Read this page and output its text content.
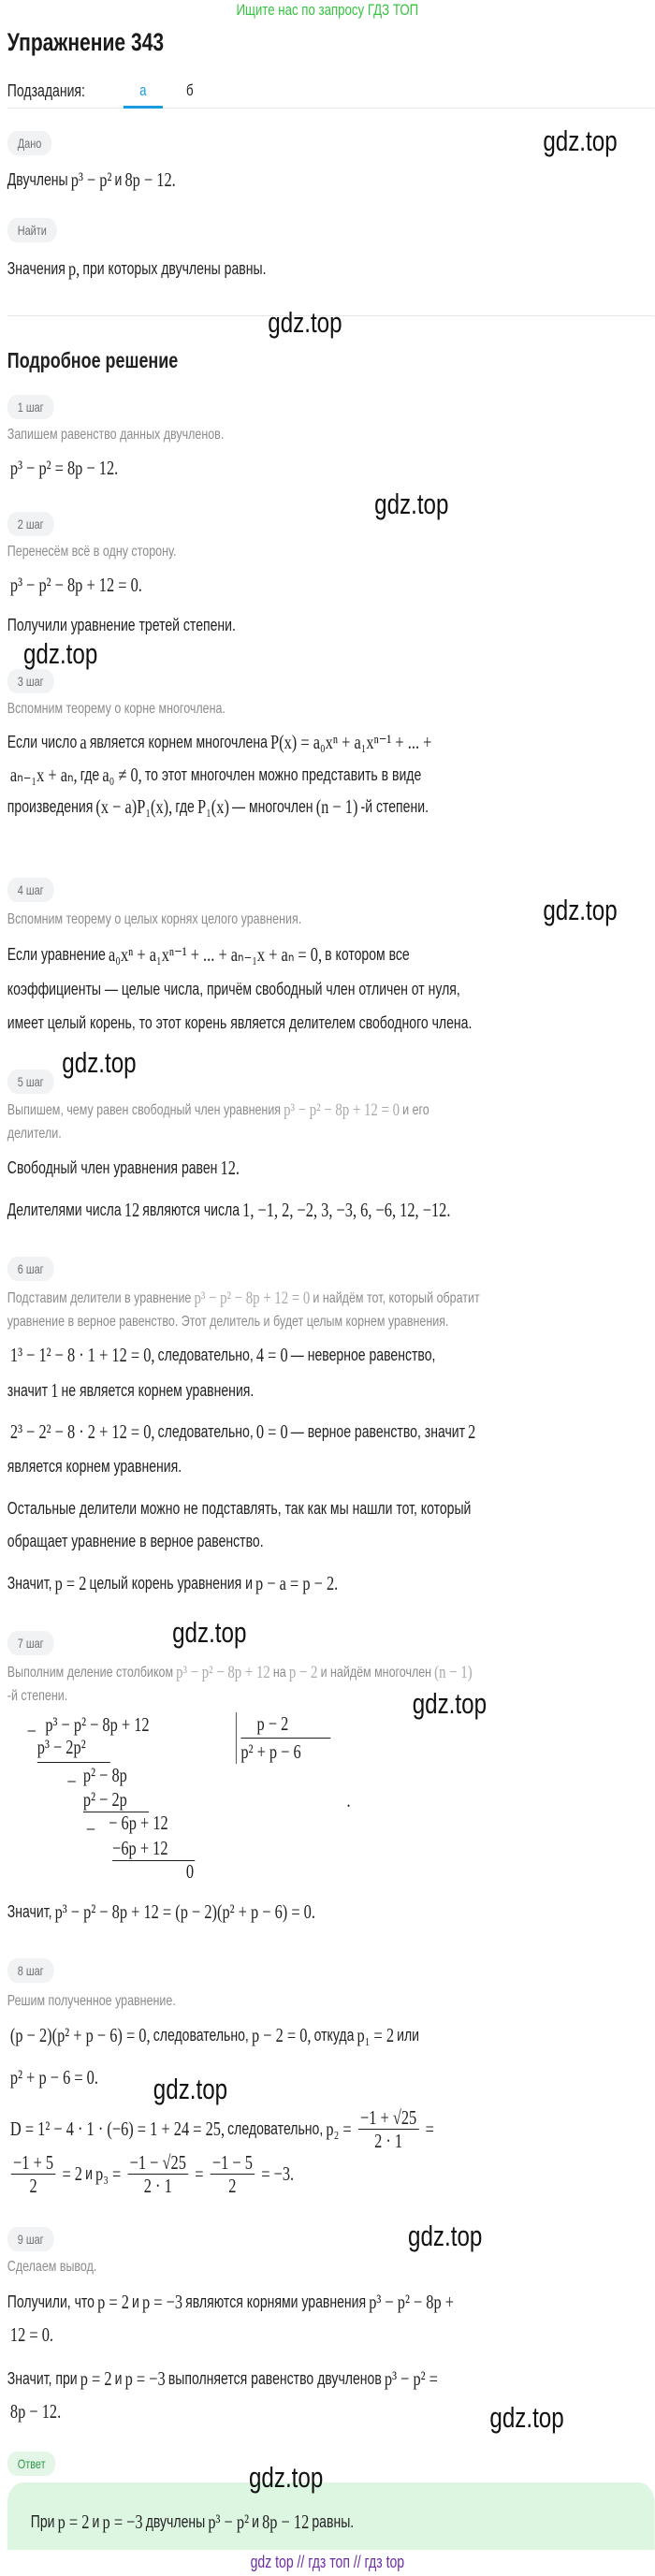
Ищите нас по запросу ГДЗ ТОП
Упражнение 343
Подзадания:	а	б
Дано
Двучлены p³ − p² и 8p − 12.
Найти
Значения p, при которых двучлены равны.
Подробное решение
1 шаг
Запишем равенство данных двучленов.
p³ − p² = 8p − 12.
2 шаг
Перенесём всё в одну сторону.
p³ − p² − 8p + 12 = 0.
Получили уравнение третей степени.
3 шаг
Вспомним теорему о корне многочлена.
Если число a является корнем многочлена P(x) = a₀xⁿ + a₁xⁿ⁻¹ + ... +
aₙ₋₁x + aₙ, где a₀ ≠ 0, то этот многочлен можно представить в виде
произведения (x − a)P₁(x), где P₁(x) — многочлен (n − 1) -й степени.
4 шаг
Вспомним теорему о целых корнях целого уравнения.
Если уравнение a₀xⁿ + a₁xⁿ⁻¹ + ... + aₙ₋₁x + aₙ = 0, в котором все
коэффициенты — целые числа, причём свободный член отличен от нуля,
имеет целый корень, то этот корень является делителем свободного члена.
5 шаг
Выпишем, чему равен свободный член уравнения p³ − p² − 8p + 12 = 0 и его
делители.
Свободный член уравнения равен 12.
Делителями числа 12 являются числа 1, −1, 2, −2, 3, −3, 6, −6, 12, −12.
6 шаг
Подставим делители в уравнение p³ − p² − 8p + 12 = 0 и найдём тот, который обратит
уравнение в верное равенство. Этот делитель и будет целым корнем уравнения.
1³ − 1² − 8 · 1 + 12 = 0, следовательно, 4 = 0 — неверное равенство,
значит 1 не является корнем уравнения.
2³ − 2² − 8 · 2 + 12 = 0, следовательно, 0 = 0 — верное равенство, значит 2
является корнем уравнения.
Остальные делители можно не подставлять, так как мы нашли тот, который
обращает уравнение в верное равенство.
Значит, p = 2 целый корень уравнения и p − a = p − 2.
7 шаг
Выполним деление столбиком p³ − p² − 8p + 12 на p − 2 и найдём многочлен (n − 1)
-й степени.
_ p³ − p² − 8p + 12
p³ − 2p²
_ p² − 8p
p² − 2p
_ − 6p + 12
−6p + 12
0
p − 2
p² + p − 6
.
Значит, p³ − p² − 8p + 12 = (p − 2)(p² + p − 6) = 0.
8 шаг
Решим полученное уравнение.
(p − 2)(p² + p − 6) = 0, следовательно, p − 2 = 0, откуда p₁ = 2 или
p² + p − 6 = 0.
D = 1² − 4 · 1 · (−6) = 1 + 24 = 25, следовательно, $p_2 = \frac{-1 + √25}{2 \cdot 1}$ =
$\frac{-1 + 5}{2} = 2$ и $p_3 = \frac{-1 - √25}{2 \cdot 1} = \frac{-1 - 5}{2} = -3$.
9 шаг
Сделаем вывод.
Получили, что p = 2 и p = −3 являются корнями уравнения p³ − p² − 8p +
12 = 0.
Значит, при p = 2 и p = −3 выполняется равенство двучленов p³ − p² =
8p − 12.
Ответ
При p = 2 и p = −3 двучлены p³ − p² и 8p − 12 равны.
gdz top // гдз топ // гдз top
gdz.top
gdz.top
gdz.top
gdz.top
gdz.top
gdz.top
gdz.top
gdz.top
gdz.top
gdz.top
gdz.top
gdz.top
